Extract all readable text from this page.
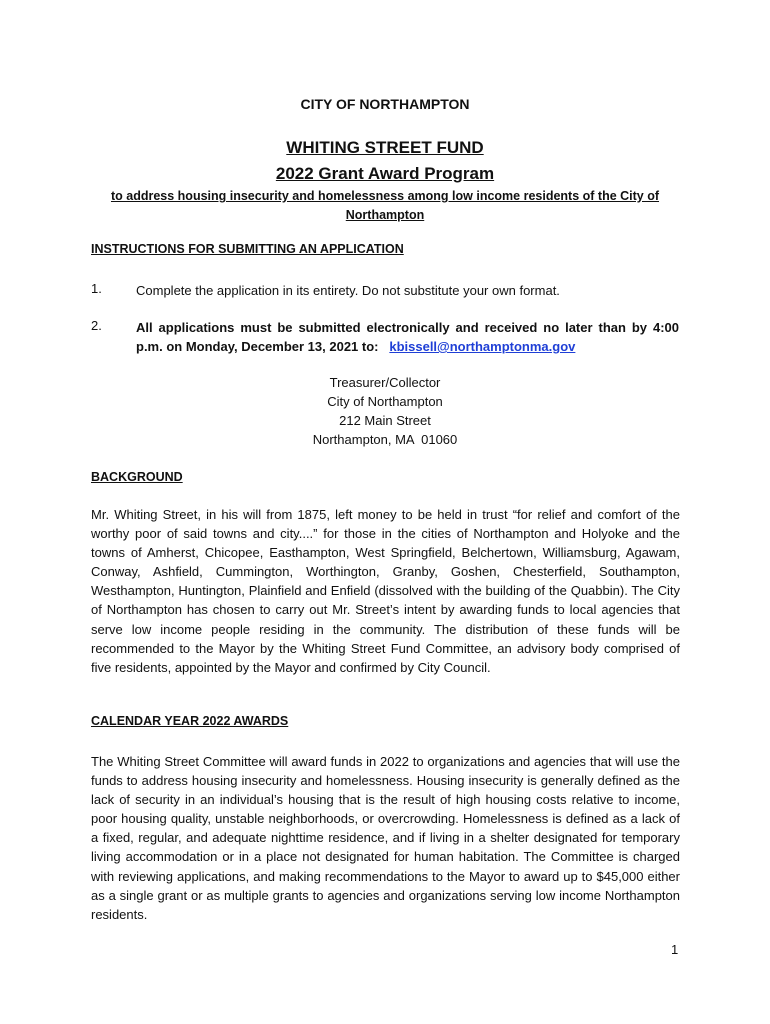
CITY OF NORTHAMPTON
WHITING STREET FUND
2022 Grant Award Program
to address housing insecurity and homelessness among low income residents of the City of Northampton
INSTRUCTIONS FOR SUBMITTING AN APPLICATION
1.	Complete the application in its entirety. Do not substitute your own format.
2.	All applications must be submitted electronically and received no later than by 4:00 p.m. on Monday, December 13, 2021 to: kbissell@northamptonma.gov
Treasurer/Collector
City of Northampton
212 Main Street
Northampton, MA  01060
BACKGROUND
Mr. Whiting Street, in his will from 1875, left money to be held in trust “for relief and comfort of the worthy poor of said towns and city....” for those in the cities of Northampton and Holyoke and the towns of Amherst, Chicopee, Easthampton, West Springfield, Belchertown, Williamsburg, Agawam, Conway, Ashfield, Cummington, Worthington, Granby, Goshen, Chesterfield, Southampton, Westhampton, Huntington, Plainfield and Enfield (dissolved with the building of the Quabbin). The City of Northampton has chosen to carry out Mr. Street’s intent by awarding funds to local agencies that serve low income people residing in the community. The distribution of these funds will be recommended to the Mayor by the Whiting Street Fund Committee, an advisory body comprised of five residents, appointed by the Mayor and confirmed by City Council.
CALENDAR YEAR 2022 AWARDS
The Whiting Street Committee will award funds in 2022 to organizations and agencies that will use the funds to address housing insecurity and homelessness. Housing insecurity is generally defined as the lack of security in an individual’s housing that is the result of high housing costs relative to income, poor housing quality, unstable neighborhoods, or overcrowding. Homelessness is defined as a lack of a fixed, regular, and adequate nighttime residence, and if living in a shelter designated for temporary living accommodation or in a place not designated for human habitation. The Committee is charged with reviewing applications, and making recommendations to the Mayor to award up to $45,000 either as a single grant or as multiple grants to agencies and organizations serving low income Northampton residents.
1
